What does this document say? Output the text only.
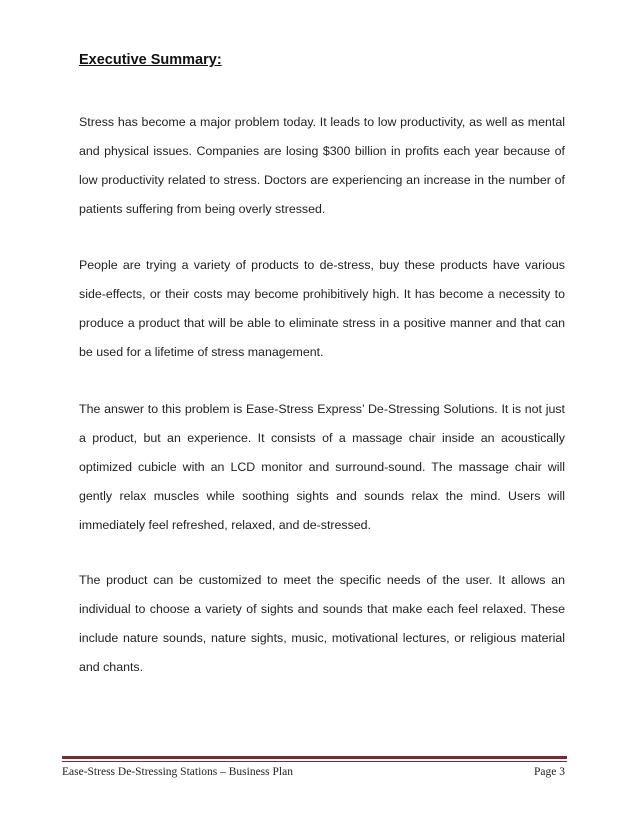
Executive Summary:

Stress has become a major problem today. It leads to low productivity, as well as mental and physical issues. Companies are losing $300 billion in profits each year because of low productivity related to stress. Doctors are experiencing an increase in the number of patients suffering from being overly stressed.

People are trying a variety of products to de-stress, buy these products have various side-effects, or their costs may become prohibitively high. It has become a necessity to produce a product that will be able to eliminate stress in a positive manner and that can be used for a lifetime of stress management.

The answer to this problem is Ease-Stress Express’ De-Stressing Solutions. It is not just a product, but an experience. It consists of a massage chair inside an acoustically optimized cubicle with an LCD monitor and surround-sound. The massage chair will gently relax muscles while soothing sights and sounds relax the mind. Users will immediately feel refreshed, relaxed, and de-stressed.

The product can be customized to meet the specific needs of the user. It allows an individual to choose a variety of sights and sounds that make each feel relaxed. These include nature sounds, nature sights, music, motivational lectures, or religious material and chants.

Ease-Stress De-Stressing Stations – Business Plan	Page 3
